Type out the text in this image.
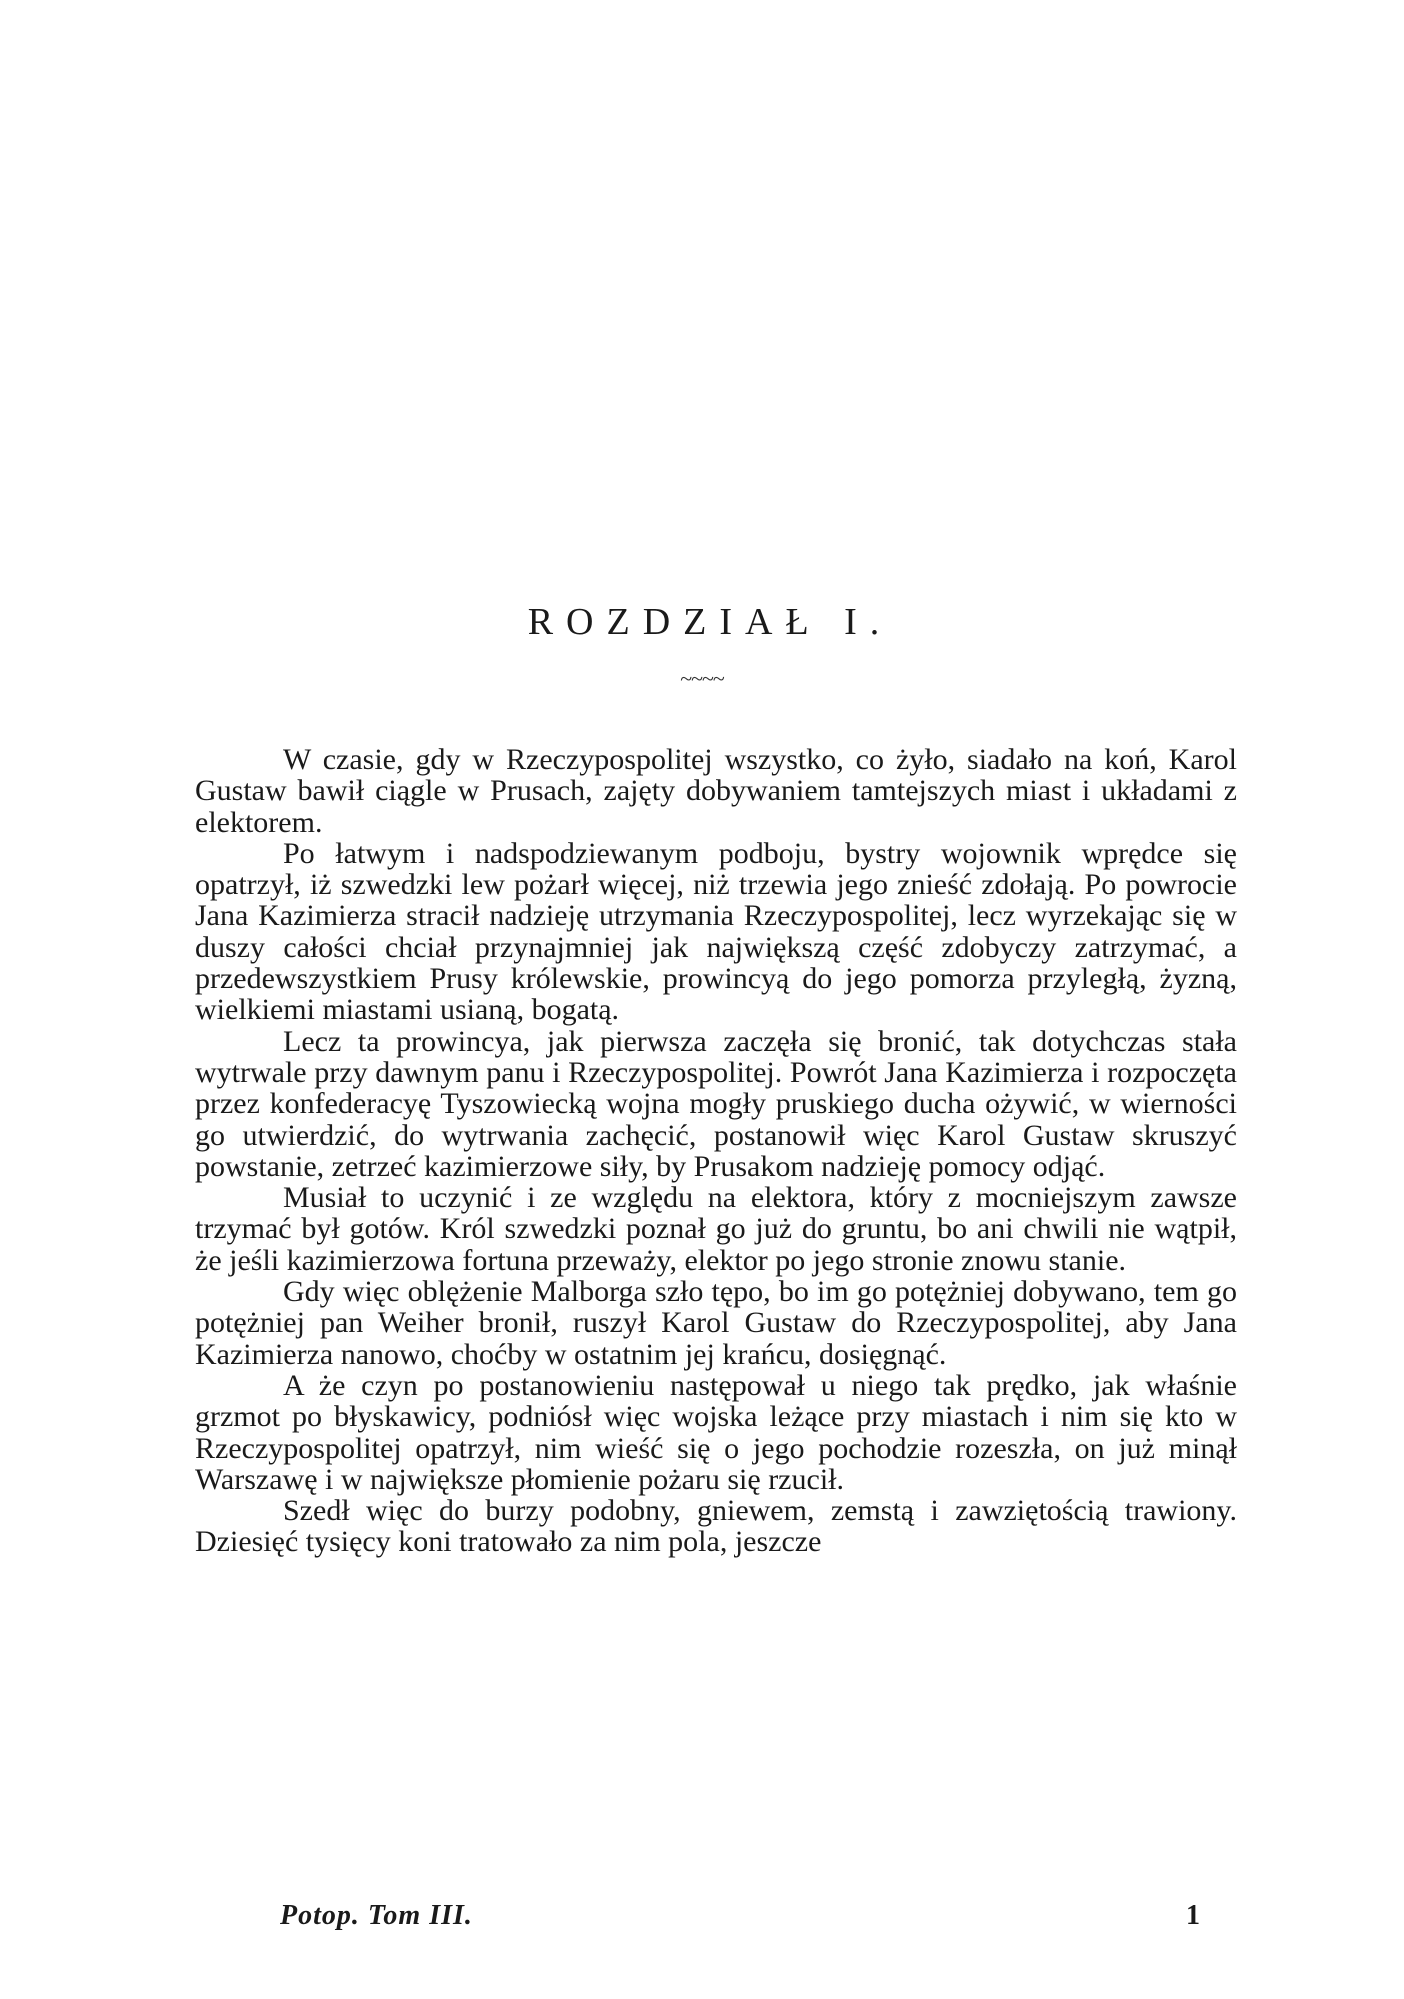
ROZDZIAŁ I.
~~~~

W czasie, gdy w Rzeczypospolitej wszystko, co żyło, siadało na koń, Karol Gustaw bawił ciągle w Prusach, zajęty dobywaniem tamtejszych miast i układami z elektorem.

Po łatwym i nadspodziewanym podboju, bystry wojownik wprędce się opatrzył, iż szwedzki lew pożarł więcej, niż trzewia jego znieść zdołają. Po powrocie Jana Kazimierza stracił nadzieję utrzymania Rzeczypospolitej, lecz wyrzekając się w duszy całości chciał przynajmniej jak największą część zdobyczy zatrzymać, a przedewszystkiem Prusy królewskie, prowincyą do jego pomorza przyległą, żyzną, wielkiemi miastami usianą, bogatą.

Lecz ta prowincya, jak pierwsza zaczęła się bronić, tak dotychczas stała wytrwale przy dawnym panu i Rzeczypospolitej. Powrót Jana Kazimierza i rozpoczęta przez konfederacyę Tyszowiecką wojna mogły pruskiego ducha ożywić, w wierności go utwierdzić, do wytrwania zachęcić, postanowił więc Karol Gustaw skruszyć powstanie, zetrzeć kazimierzowe siły, by Prusakom nadzieję pomocy odjąć.

Musiał to uczynić i ze względu na elektora, który z mocniejszym zawsze trzymać był gotów. Król szwedzki poznał go już do gruntu, bo ani chwili nie wątpił, że jeśli kazimierzowa fortuna przeważy, elektor po jego stronie znowu stanie.

Gdy więc oblężenie Malborga szło tępo, bo im go potężniej dobywano, tem go potężniej pan Weiher bronił, ruszył Karol Gustaw do Rzeczypospolitej, aby Jana Kazimierza nanowo, choćby w ostatnim jej krańcu, dosięgnąć.

A że czyn po postanowieniu następował u niego tak prędko, jak właśnie grzmot po błyskawicy, podniósł więc wojska leżące przy miastach i nim się kto w Rzeczypospolitej opatrzył, nim wieść się o jego pochodzie rozeszła, on już minął Warszawę i w największe płomienie pożaru się rzucił.

Szedł więc do burzy podobny, gniewem, zemstą i zawziętością trawiony. Dziesięć tysięcy koni tratowało za nim pola, jeszcze

Potop. Tom III.	1
